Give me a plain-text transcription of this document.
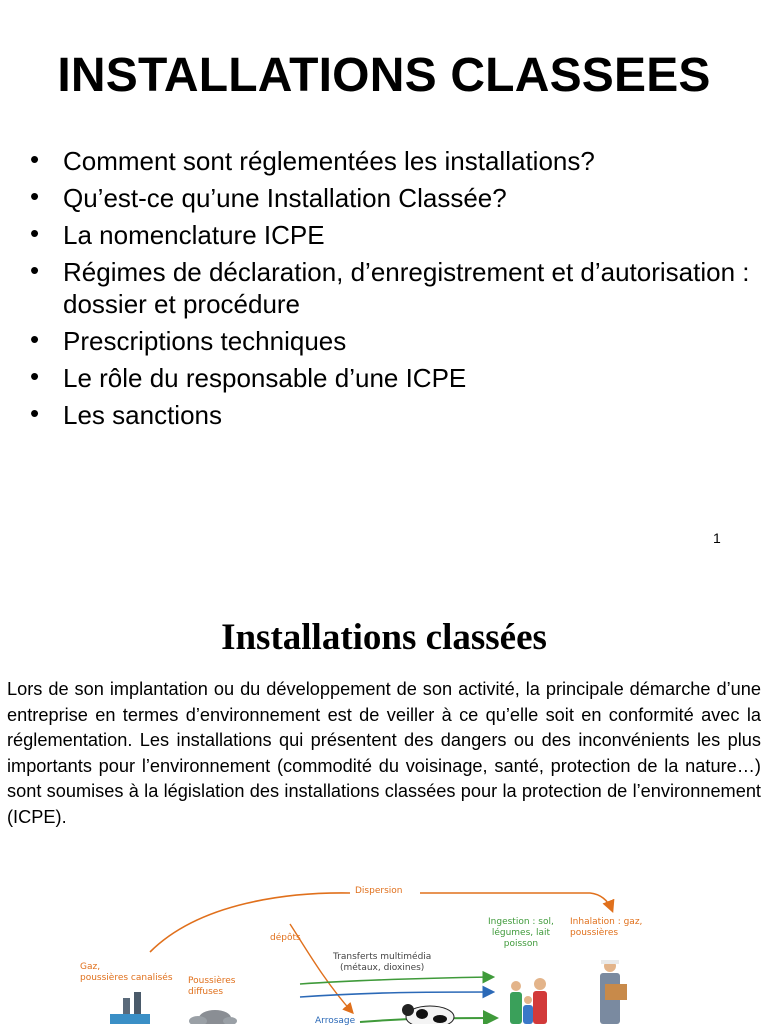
INSTALLATIONS CLASSEES
• Comment sont réglementées les installations?
• Qu’est-ce qu’une Installation Classée?
• La nomenclature ICPE
• Régimes de déclaration, d’enregistrement et d’autorisation : dossier et procédure
• Prescriptions techniques
• Le rôle du responsable d’une ICPE
• Les sanctions
1
Installations classées

Lors de son implantation ou du développement de son activité, la principale démarche d’une entreprise en termes d’environnement est de veiller à ce qu’elle soit en conformité avec la réglementation. Les installations qui présentent des dangers ou des inconvénients les plus importants pour l’environnement (commodité du voisinage, santé, protection de la nature…) sont soumises à la législation des installations classées pour la protection de l’environnement (ICPE).

Dispersion
dépôts
Gaz,
poussières canalisés Poussières
diffuses
Transferts multimédia
(métaux, dioxines)
Arrosage
Ingestion : sol,
légumes, lait
poisson
Inhalation : gaz,
poussières
